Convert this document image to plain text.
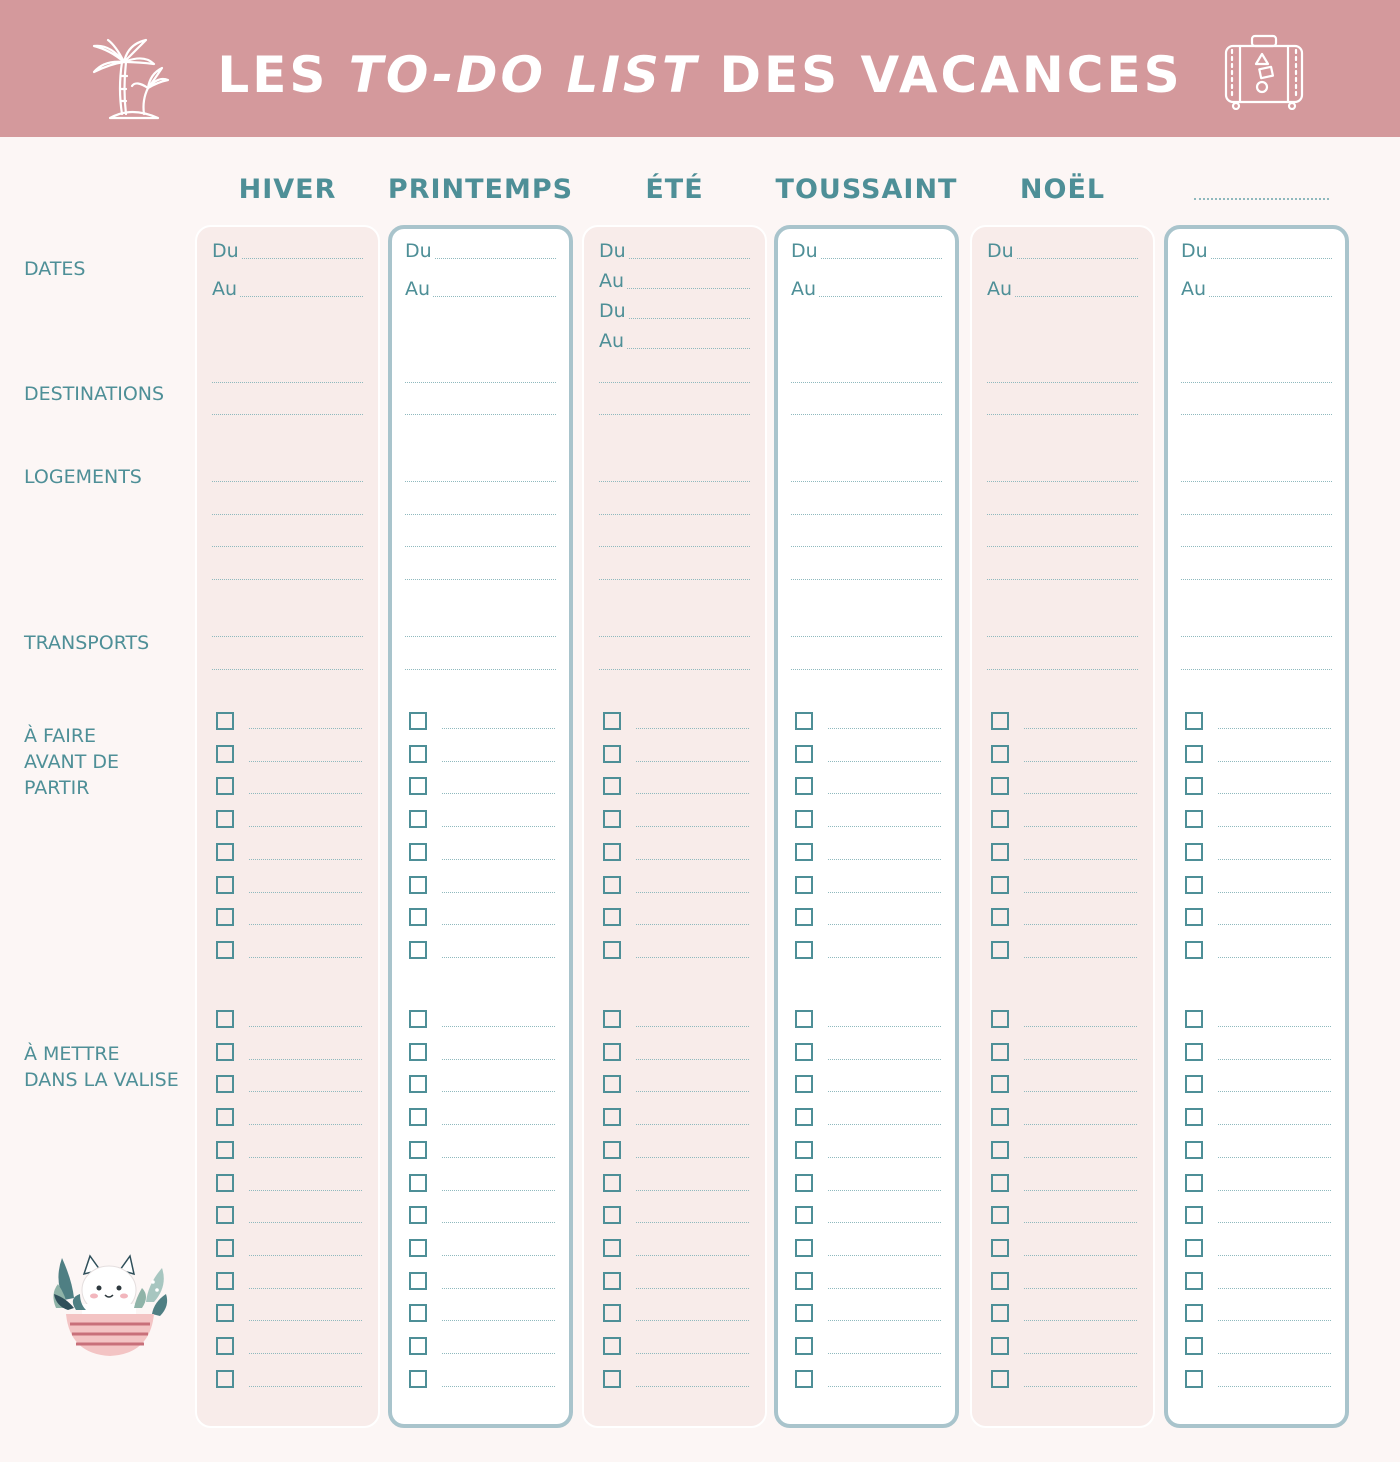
LES TO-DO LIST DES VACANCES
HIVER
Du
Au
PRINTEMPS
Du
Au
ÉTÉ
Du
Au
Du
Au
TOUSSAINT
Du
Au
NOËL
Du
Au
Du
Au
DATES
DESTINATIONS
LOGEMENTS
TRANSPORTS
À FAIRE
AVANT DE
PARTIR
À METTRE
DANS LA VALISE
